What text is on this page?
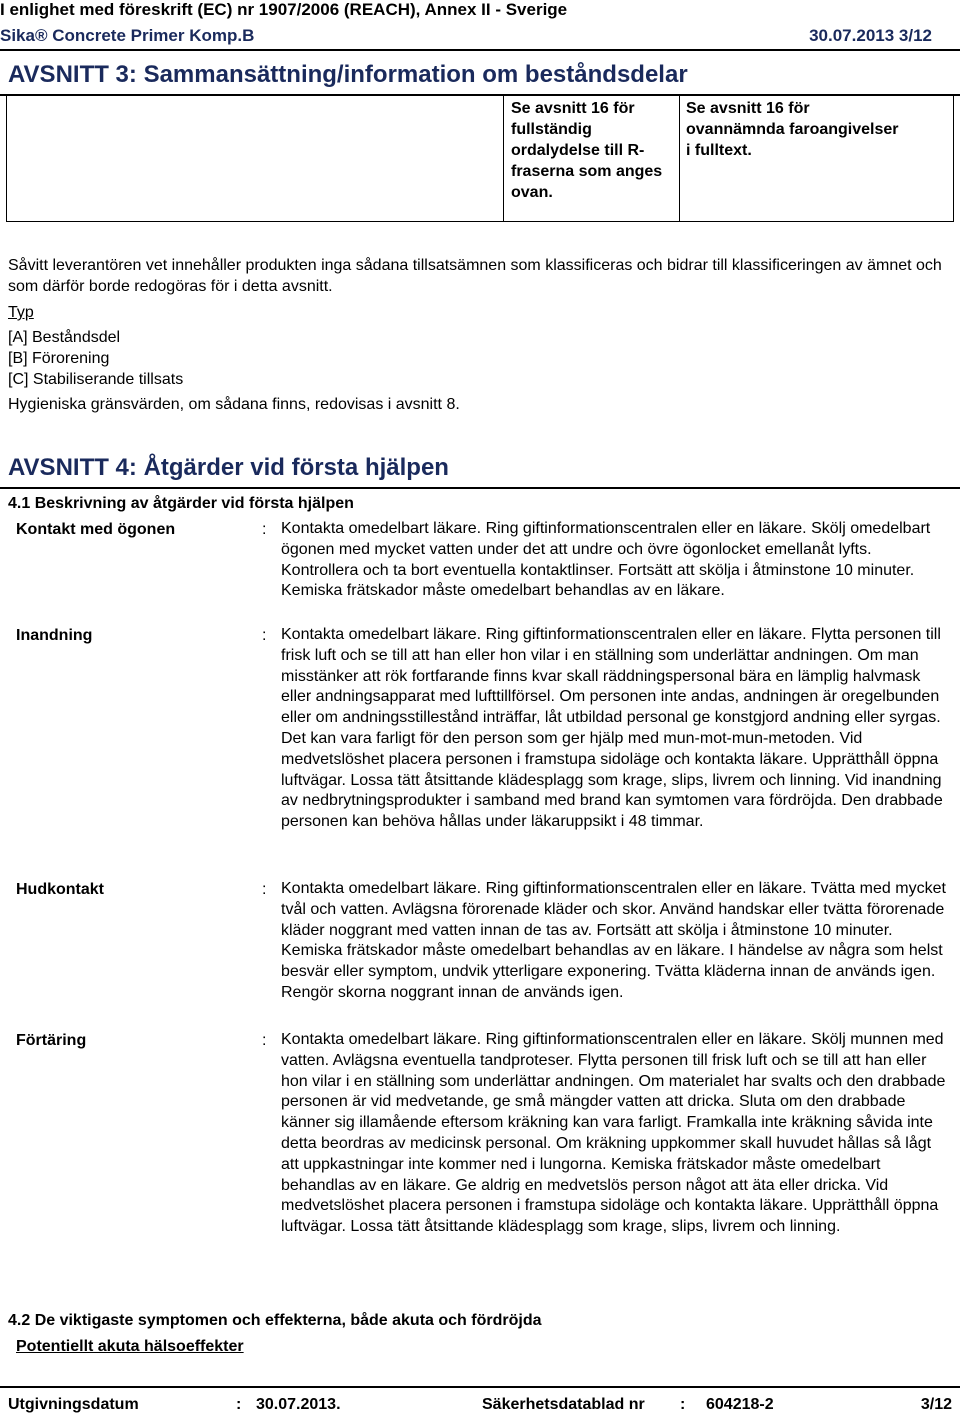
I enlighet med föreskrift (EC) nr 1907/2006 (REACH), Annex II - Sverige
Sika® Concrete Primer Komp.B	30.07.2013 3/12
AVSNITT 3: Sammansättning/information om beståndsdelar
Se avsnitt 16 för fullständig ordalydelse till R-fraserna som anges ovan.
Se avsnitt 16 för ovannämnda faroangivelser i fulltext.
Såvitt leverantören vet innehåller produkten inga sådana tillsatsämnen som klassificeras och bidrar till klassificeringen av ämnet och som därför borde redogöras för i detta avsnitt.
Typ
[A] Beståndsdel
[B] Förorening
[C] Stabiliserande tillsats
Hygieniska gränsvärden, om sådana finns, redovisas i avsnitt 8.
AVSNITT 4: Åtgärder vid första hjälpen
4.1 Beskrivning av åtgärder vid första hjälpen
Kontakt med ögonen	: Kontakta omedelbart läkare. Ring giftinformationscentralen eller en läkare. Skölj omedelbart ögonen med mycket vatten under det att undre och övre ögonlocket emellanåt lyfts. Kontrollera och ta bort eventuella kontaktlinser. Fortsätt att skölja i åtminstone 10 minuter. Kemiska frätskador måste omedelbart behandlas av en läkare.
Inandning	: Kontakta omedelbart läkare. Ring giftinformationscentralen eller en läkare. Flytta personen till frisk luft och se till att han eller hon vilar i en ställning som underlättar andningen. Om man misstänker att rök fortfarande finns kvar skall räddningspersonal bära en lämplig halvmask eller andningsapparat med lufttillförsel. Om personen inte andas, andningen är oregelbunden eller om andningsstillestånd inträffar, låt utbildad personal ge konstgjord andning eller syrgas. Det kan vara farligt för den person som ger hjälp med mun-mot-mun-metoden. Vid medvetslöshet placera personen i framstupa sidoläge och kontakta läkare. Upprätthåll öppna luftvägar. Lossa tätt åtsittande klädesplagg som krage, slips, livrem och linning. Vid inandning av nedbrytningsprodukter i samband med brand kan symtomen vara fördröjda. Den drabbade personen kan behöva hållas under läkaruppsikt i 48 timmar.
Hudkontakt	: Kontakta omedelbart läkare. Ring giftinformationscentralen eller en läkare. Tvätta med mycket tvål och vatten. Avlägsna förorenade kläder och skor. Använd handskar eller tvätta förorenade kläder noggrant med vatten innan de tas av. Fortsätt att skölja i åtminstone 10 minuter. Kemiska frätskador måste omedelbart behandlas av en läkare. I händelse av några som helst besvär eller symptom, undvik ytterligare exponering. Tvätta kläderna innan de används igen. Rengör skorna noggrant innan de används igen.
Förtäring	: Kontakta omedelbart läkare. Ring giftinformationscentralen eller en läkare. Skölj munnen med vatten. Avlägsna eventuella tandproteser. Flytta personen till frisk luft och se till att han eller hon vilar i en ställning som underlättar andningen. Om materialet har svalts och den drabbade personen är vid medvetande, ge små mängder vatten att dricka. Sluta om den drabbade känner sig illamående eftersom kräkning kan vara farligt. Framkalla inte kräkning såvida inte detta beordras av medicinsk personal. Om kräkning uppkommer skall huvudet hållas så lågt att uppkastningar inte kommer ned i lungorna. Kemiska frätskador måste omedelbart behandlas av en läkare. Ge aldrig en medvetslös person något att äta eller dricka. Vid medvetslöshet placera personen i framstupa sidoläge och kontakta läkare. Upprätthåll öppna luftvägar. Lossa tätt åtsittande klädesplagg som krage, slips, livrem och linning.
4.2 De viktigaste symptomen och effekterna, både akuta och fördröjda
Potentiellt akuta hälsoeffekter
Utgivningsdatum	: 30.07.2013.	Säkerhetsdatablad nr : 604218-2	3/12
